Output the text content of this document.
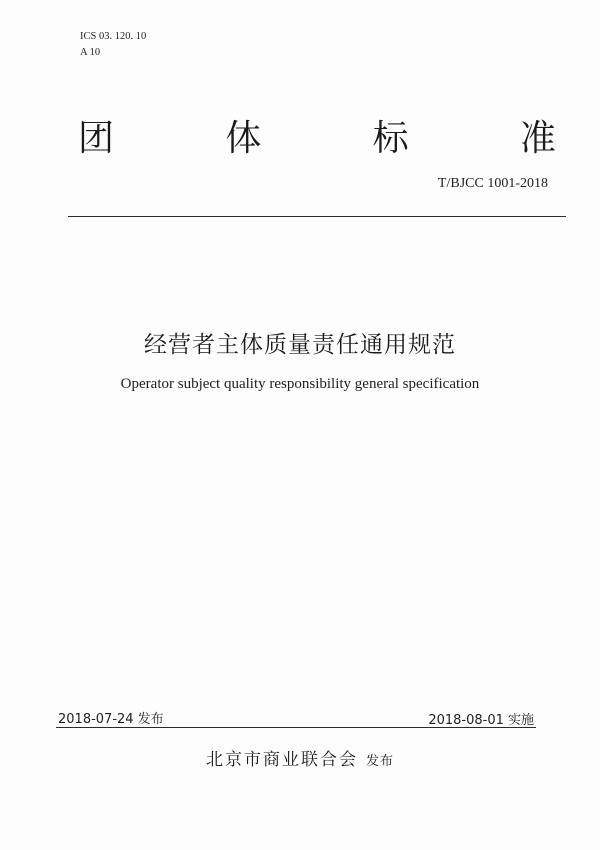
ICS 03. 120. 10
A 10
团	体	标	准
T/BJCC 1001-2018
经营者主体质量责任通用规范
Operator subject quality responsibility general specification
2018-07-24 发布	2018-08-01 实施
北京市商业联合会 发布
